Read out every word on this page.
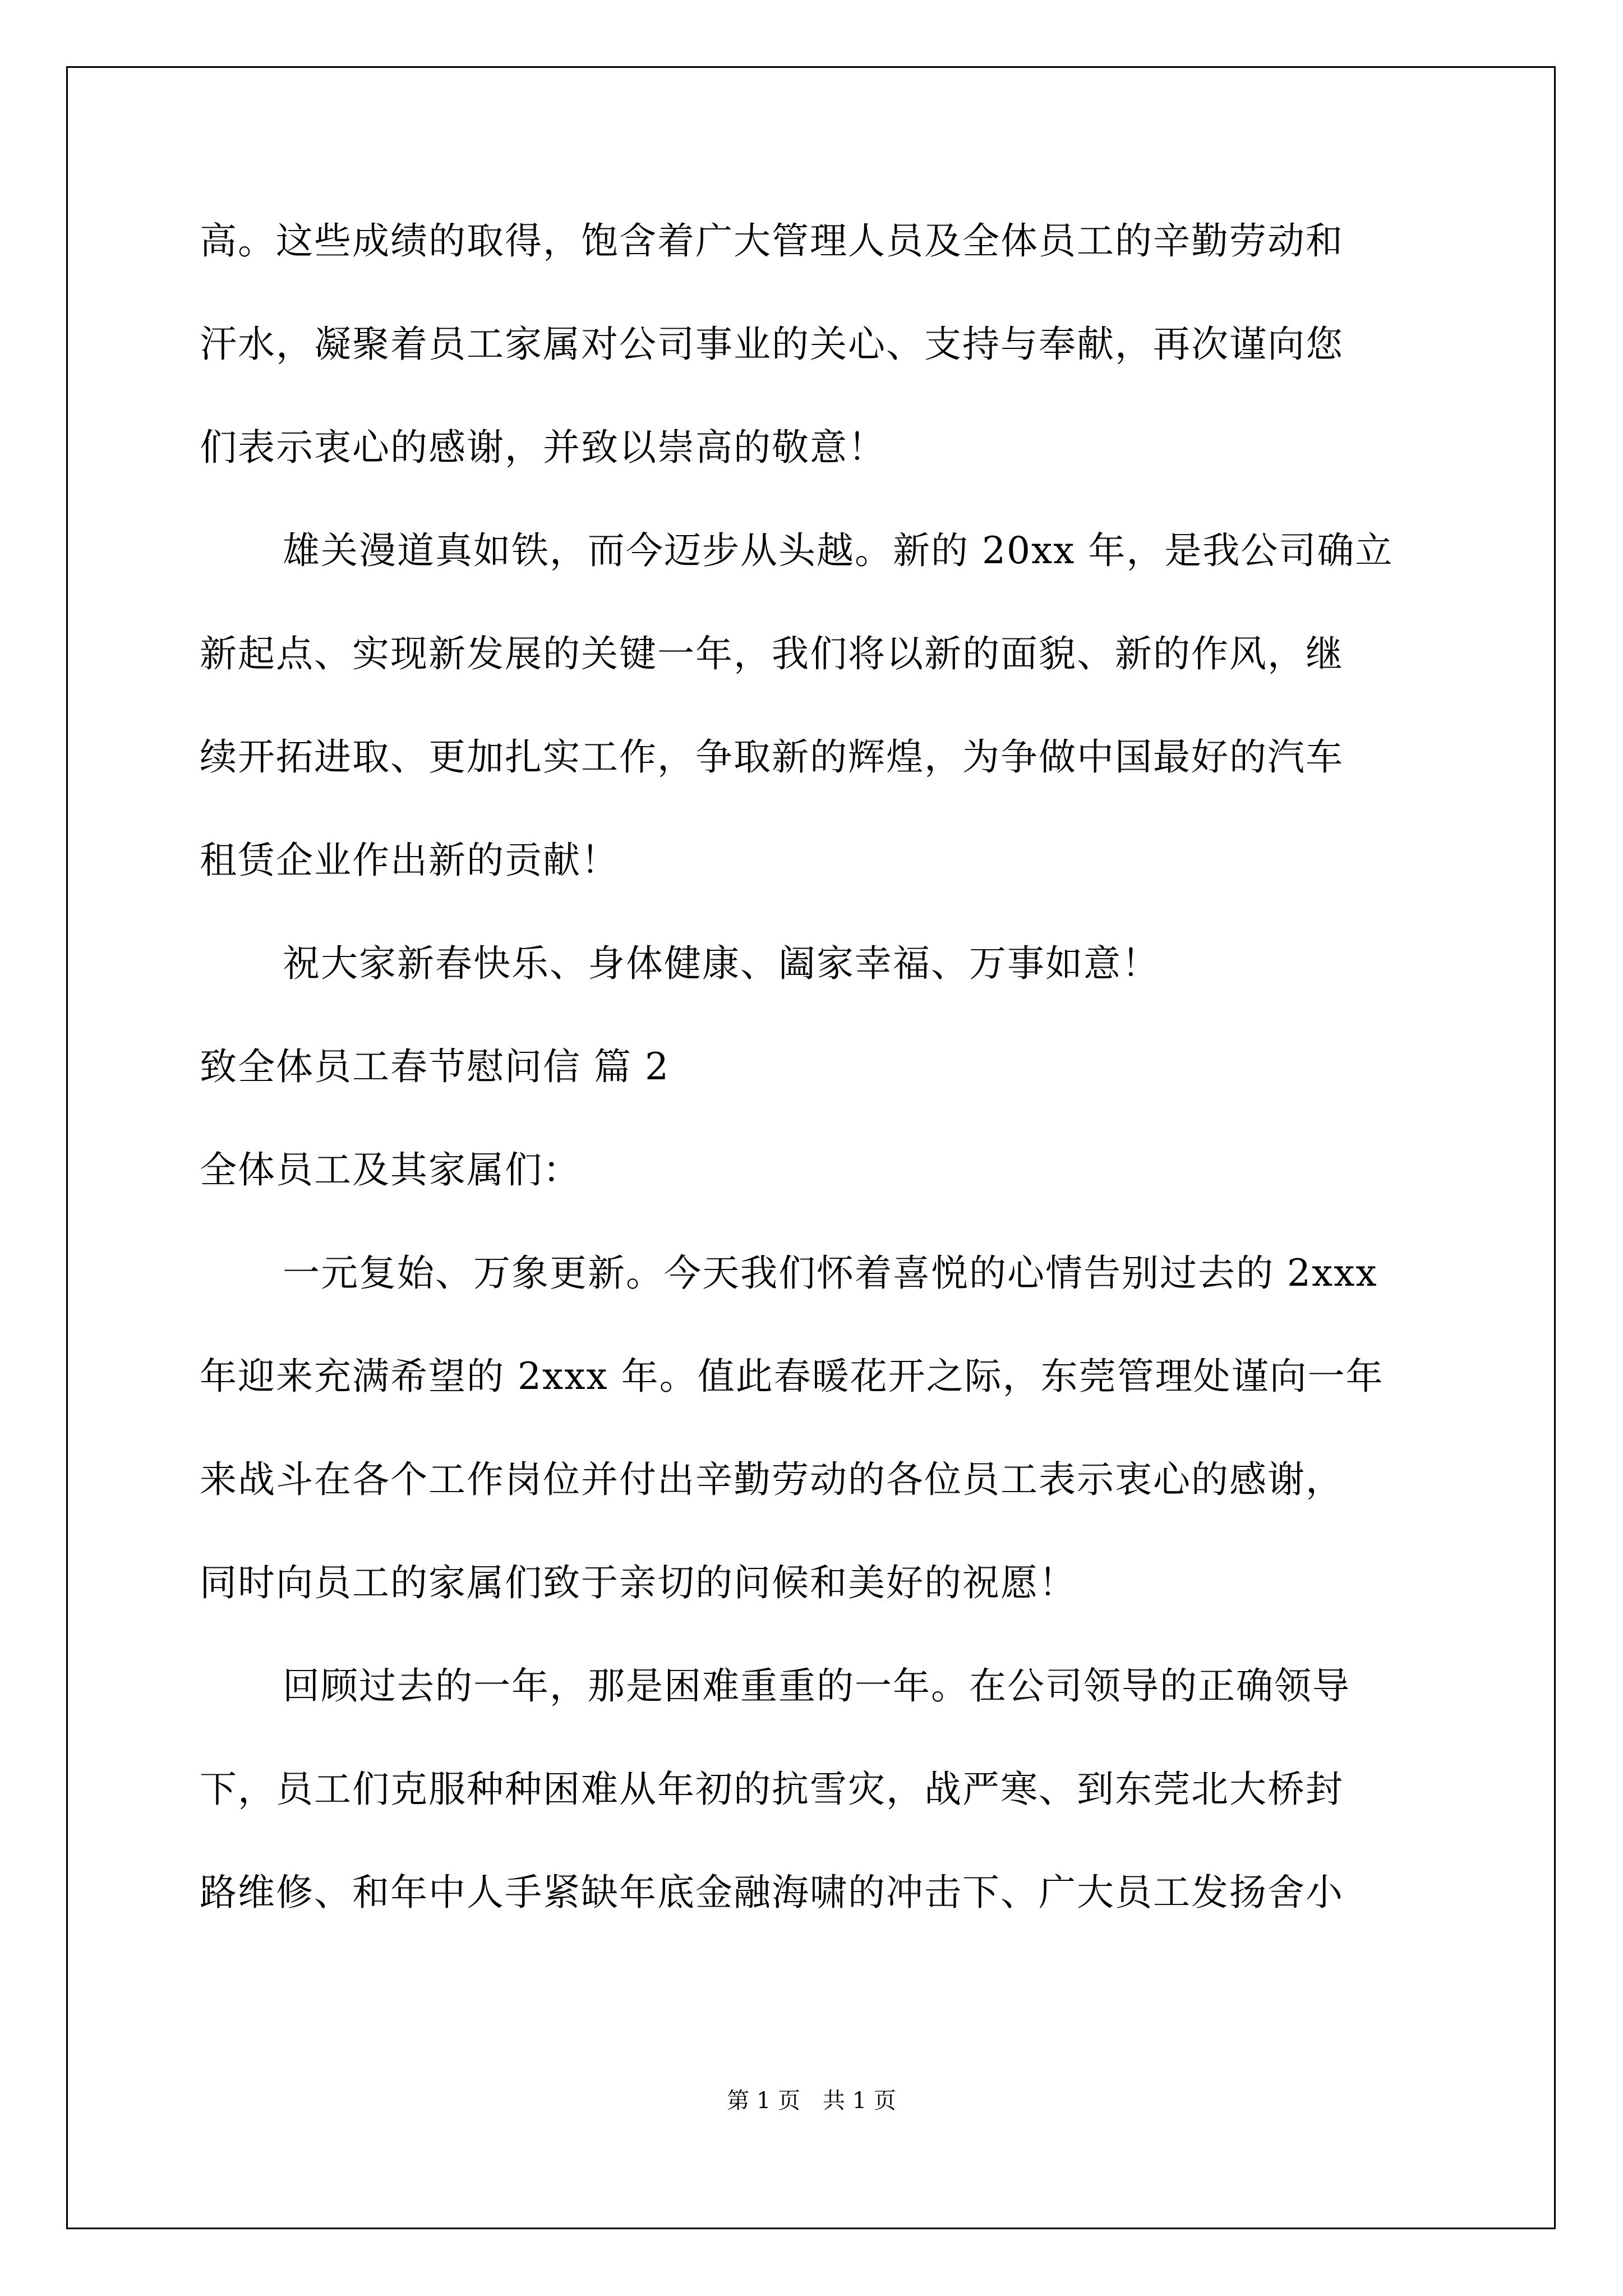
高。这些成绩的取得，饱含着广大管理人员及全体员工的辛勤劳动和
汗水，凝聚着员工家属对公司事业的关心、支持与奉献，再次谨向您
们表示衷心的感谢，并致以崇高的敬意！
雄关漫道真如铁，而今迈步从头越。新的 20xx 年，是我公司确立
新起点、实现新发展的关键一年，我们将以新的面貌、新的作风，继
续开拓进取、更加扎实工作，争取新的辉煌，为争做中国最好的汽车
租赁企业作出新的贡献！
祝大家新春快乐、身体健康、阖家幸福、万事如意！
致全体员工春节慰问信 篇 2
全体员工及其家属们：
一元复始、万象更新。今天我们怀着喜悦的心情告别过去的 2xxx
年迎来充满希望的 2xxx 年。值此春暖花开之际，东莞管理处谨向一年
来战斗在各个工作岗位并付出辛勤劳动的各位员工表示衷心的感谢，
同时向员工的家属们致于亲切的问候和美好的祝愿！
回顾过去的一年，那是困难重重的一年。在公司领导的正确领导
下，员工们克服种种困难从年初的抗雪灾，战严寒、到东莞北大桥封
路维修、和年中人手紧缺年底金融海啸的冲击下、广大员工发扬舍小
第 1 页　共 1 页
